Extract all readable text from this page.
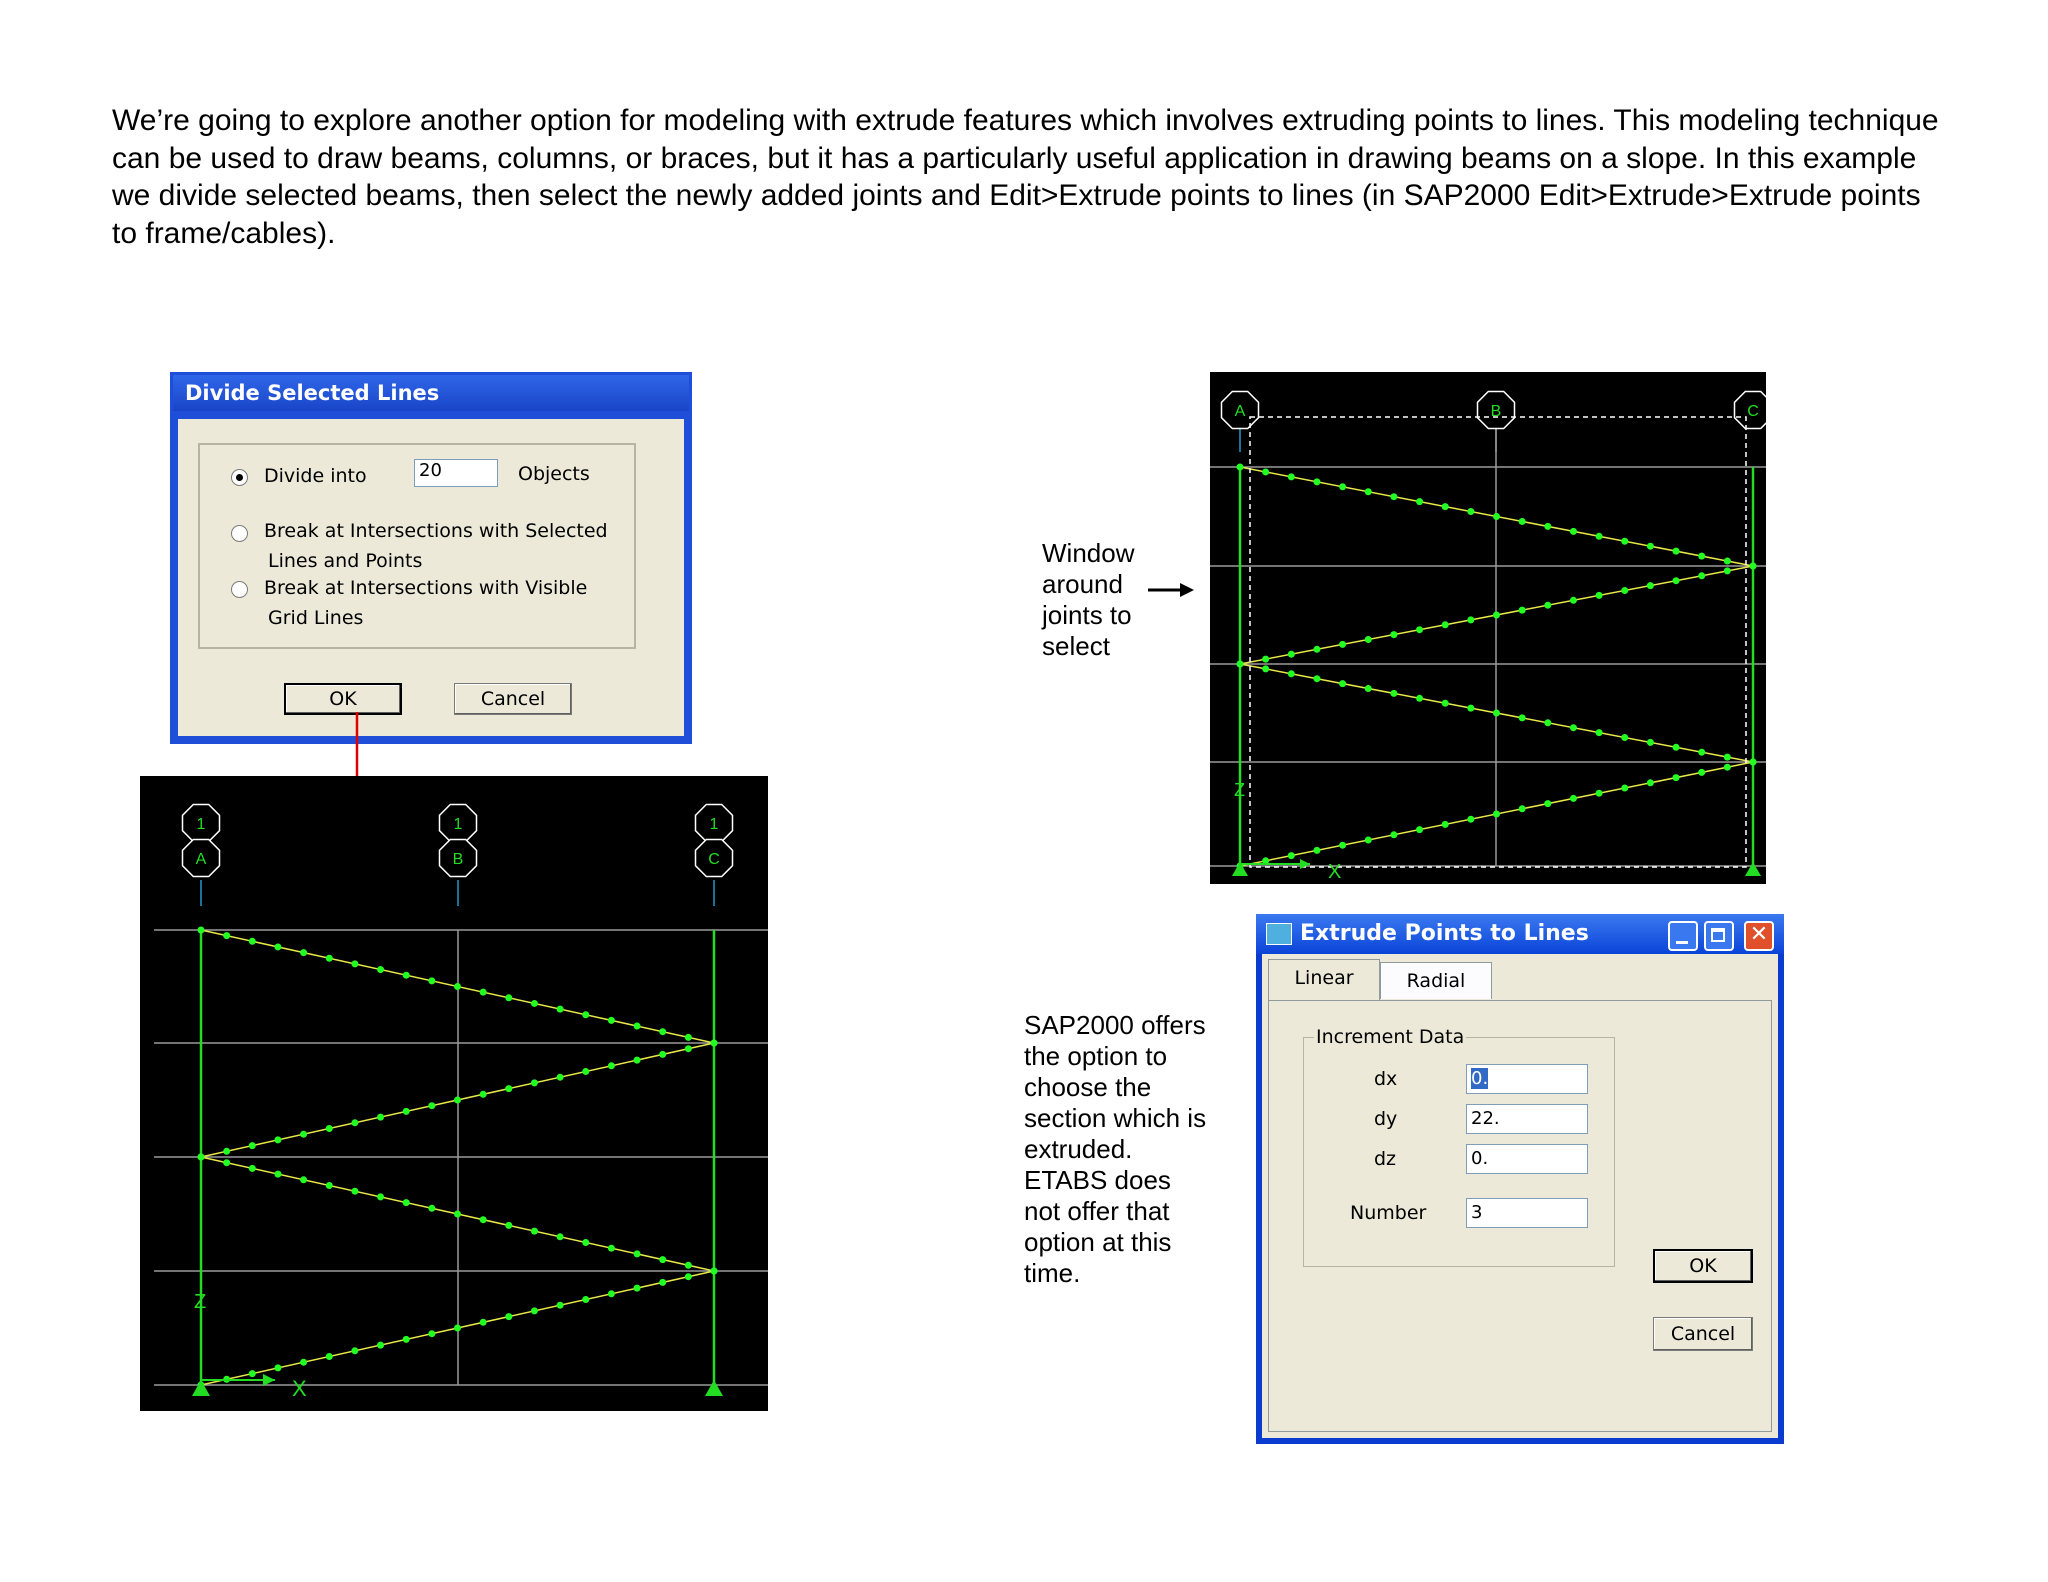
We’re going to explore another option for modeling with extrude features which involves extruding points to lines. This modeling technique can be used to draw beams, columns, or braces, but it has a particularly useful application in drawing beams on a slope. In this example we divide selected beams, then select the newly added joints and Edit>Extrude points to lines (in SAP2000 Edit>Extrude>Extrude points to frame/cables).

Divide Selected Lines
Divide into	20	Objects
Break at Intersections with Selected
Lines and Points
Break at Intersections with Visible
Grid Lines
OK	Cancel
1
A
1
B
1
C
X
Z
A	B	C
X
Z
Window
around
joints to
select
SAP2000 offers
the option to
choose the
section which is
extruded.
ETABS does
not offer that
option at this
time.
Extrude Points to Lines	✕
Linear	Radial
Increment Data
dx	0.
dy	22.
dz	0.
Number 3
OK
Cancel
